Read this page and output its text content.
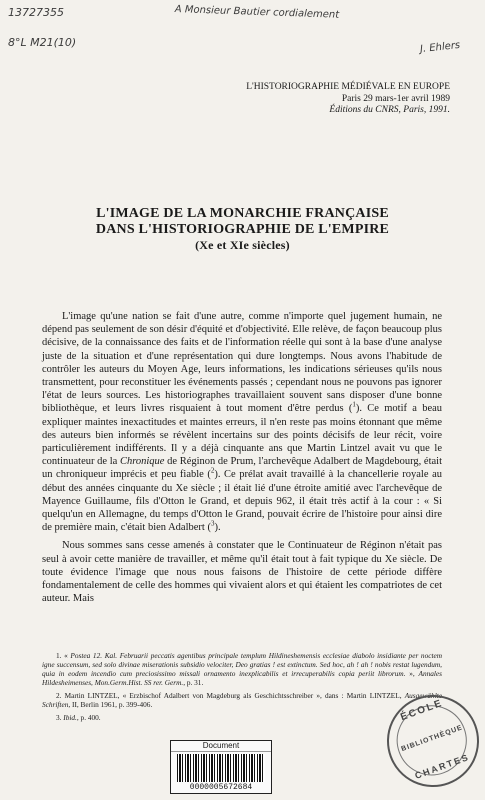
13727355
8°L M21(10)
A Monsieur Bautier cordialement
J. Ehlers
L'HISTORIOGRAPHIE MÉDIÉVALE EN EUROPE
Paris 29 mars-1er avril 1989
Éditions du CNRS, Paris, 1991.
L'IMAGE DE LA MONARCHIE FRANÇAISE
DANS L'HISTORIOGRAPHIE DE L'EMPIRE
(Xe et XIe siècles)

L'image qu'une nation se fait d'une autre, comme n'importe quel jugement humain, ne dépend pas seulement de son désir d'équité et d'objectivité. Elle relève, de façon beaucoup plus décisive, de la connaissance des faits et de l'information réelle qui sont à la base d'une analyse juste de la situation et d'une représentation qui dure longtemps. Nous avons l'habitude de contrôler les auteurs du Moyen Age, leurs informations, les indications sérieuses qu'ils nous transmettent, pour reconstituer les événements passés ; cependant nous ne pouvons pas ignorer l'état de leurs sources. Les historiographes travaillaient souvent sans disposer d'une bonne bibliothèque, et leurs livres risquaient à tout moment d'être perdus ($^1$). Ce motif a beau expliquer maintes inexactitudes et maintes erreurs, il n'en reste pas moins étonnant que même des auteurs bien informés se révèlent incertains sur des points décisifs de leur récit, voire particulièrement indifférents. Il y a déjà cinquante ans que Martin Lintzel avait vu que le continuateur de la Chronique de Réginon de Prum, l'archevêque Adalbert de Magdebourg, était un chroniqueur imprécis et peu fiable ($^2$). Ce prélat avait travaillé à la chancellerie royale au début des années cinquante du Xe siècle ; il était lié d'une étroite amitié avec l'archevêque de Mayence Guillaume, fils d'Otton le Grand, et depuis 962, il était très actif à la cour : « Si quelqu'un en Allemagne, du temps d'Otton le Grand, pouvait écrire de l'histoire pour ainsi dire de première main, c'était bien Adalbert ($^3$).

Nous sommes sans cesse amenés à constater que le Continuateur de Réginon n'était pas seul à avoir cette manière de travailler, et même qu'il était tout à fait typique du Xe siècle. De toute évidence l'image que nous nous faisons de l'histoire de cette période diffère fondamentalement de celle des hommes qui vivaient alors et qui étaient les compatriotes de cet auteur. Mais

1. « Postea 12. Kal. Februarii peccatis agentibus principale templum Hildineshemensis ecclesiae diabolo insidiante per noctem igne succensum, sed solo divinae miserationis subsidio velociter, Deo gratias ! est extinctum. Sed hoc, ah ! ah ! nobis restat lugendum, quia in eodem incendio cum preciosissimo missali ornamento inexplicabilis et irrecuperabilis copia periit librorum. », Annales Hildesheimenses, Mon.Germ.Hist. SS rer. Germ., p. 31.

2. Martin LINTZEL, « Erzbischof Adalbert von Magdeburg als Geschichtsschreiber », dans : Martin LINTZEL, Ausgewählte Schriften, II, Berlin 1961, p. 399-406.

3. Ibid., p. 400.

Document
0000005672684
ÉCOLE
BIBLIOTHÈQUE
CHARTES
